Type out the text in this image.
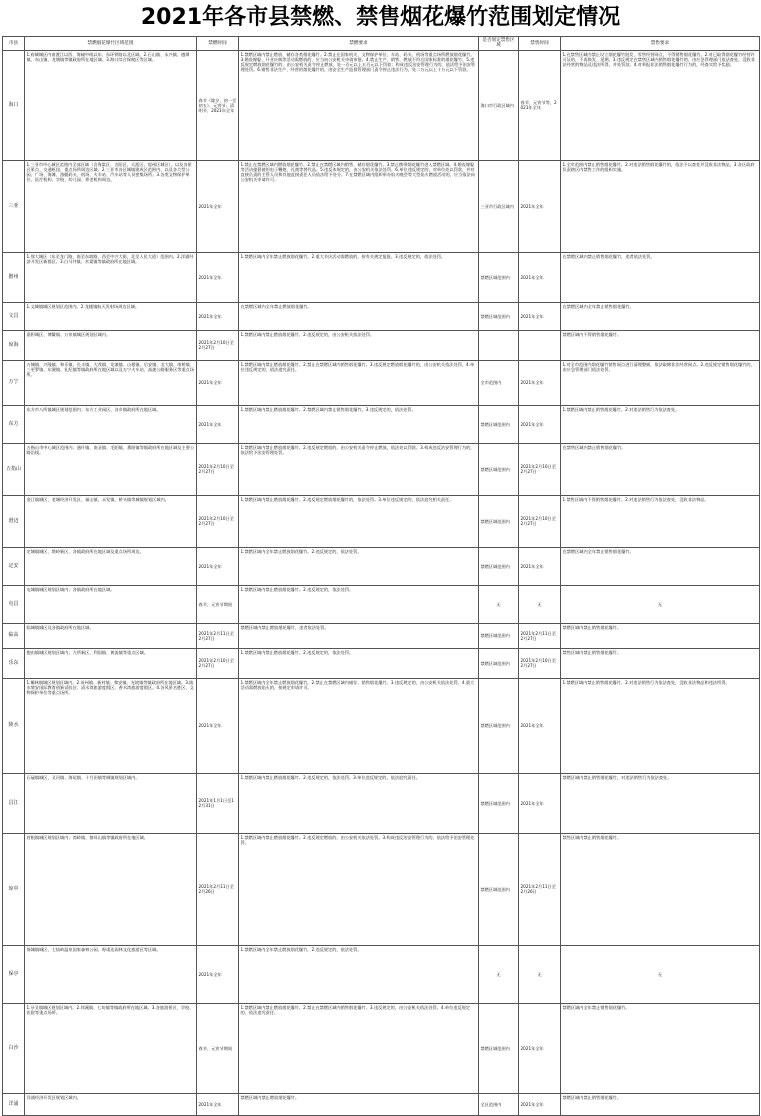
2021年各市县禁燃、禁售烟花爆竹范围划定情况
市县	禁燃烟花爆竹区域范围	禁燃时间	禁燃要求	是否划定禁售区域	禁售时间	禁售要求
海口	1.府城城区内南渡江以西、海榆中线以东、东环铁路以北区域。2.石山镇、永兴镇、遵谭镇、东山镇、龙塘镇等镇政府所在地区域。3.海口综合保税区等区域。	春节（除夕、初一至初五）、元宵节、清明节、2021年全年	1.禁燃区域内禁止燃放、储存各类烟花爆竹。2.禁止在国家机关、文物保护单位、车站、码头、机场等重点场所燃放烟花爆竹。3.婚丧嫁娶、开业庆典等活动需燃放的，应当向公安机关申请审批。4.禁止生产、销售、燃放不符合国家标准的烟花爆竹。5.违反规定燃放烟花爆竹的，由公安机关责令停止燃放，处一百元以上五百元以下罚款；构成违反治安管理行为的，依法给予治安管理处罚。6.销售非法生产、经营的烟花爆竹的，由安全生产监督管理部门责令停止违法行为，处二万元以上十万元以下罚款。	海口市行政区域内	春节、元宵节等，2021年全年	1.在禁售区域内禁止设立烟花爆竹批发、零售经营网点，不得销售烟花爆竹。2.对已取得烟花爆竹经营许可证的，不再换发、延期。3.违反规定在禁售区域内销售烟花爆竹的，由应急管理部门依法查处，没收非法经营的物品及违法所得，并处罚款。4.对举报非法销售烟花爆竹行为的，经查实给予奖励。
三亚	1.三亚市中心城区范围内全部区域（含海棠区、吉阳区、天涯区、崖州区城区），以及各景区景点、交通枢纽、重点场所周边区域。2.三亚市各区城镇建成区范围内、以及各大型公园、广场、海滩、游艇码头、机场、火车站、汽车站等人员密集场所。3.各类文物保护单位、医疗机构、学校、幼儿园、养老机构周边。	2021年全年	1.禁止在禁燃区域内燃放烟花爆竹。2.禁止在禁燃区域内销售、储存烟花爆竹。3.禁止携带烟花爆竹进入禁燃区域。4.婚丧嫁娶等活动提倡使用电子鞭炮、礼炮等替代品。5.违反本规定的，由公安机关依法处罚。6.单位违反规定的，对单位处以罚款，并对直接负责的主管人员和其他直接责任人员依法给予处分。7.在禁燃区域内组织举办焰火晚会等大型焰火燃放活动的，应当依法向公安机关申请许可。	三亚市行政区域内	2021年全年	1.全市范围内禁止销售烟花爆竹。2.对违法销售烟花爆竹的，依法予以查处并没收非法物品。3.各区政府负责辖区内禁售工作的组织实施。
儋州	1.那大城区（东至龙门路，南至东坡路，西至中兴大街，北至人民大道）范围内。2.洋浦经济开发区新都区。3.白马井镇、木棠镇等镇政府所在地区域。	2021年全年	1.禁燃区域内全年禁止燃放烟花爆竹。2.重大节庆活动需燃放的，按有关规定报批。3.违反规定的，依法处罚。	禁燃区域范围内	2021年全年	在禁燃区域内禁止销售烟花爆竹，违者依法处罚。
文昌	1.文城镇城区规划区范围内。2.龙楼镇航天发射场周边区域。	2021年全年	在禁燃区域内全年禁止燃放烟花爆竹。	禁燃区域范围内	2021年全年	在禁燃区域内全年禁止销售烟花爆竹。
琼海	嘉积城区、博鳌镇、万泉镇城区规划区域内。	2021年2月10日至2月27日	1.禁燃区域内禁止燃放烟花爆竹。2.违反规定的，由公安机关依法处罚。			禁燃区域内不得销售烟花爆竹。
万宁	万城镇、兴隆镇、和乐镇、长丰镇、大茂镇、龙滚镇、山根镇、后安镇、北大镇、南桥镇、三更罗镇、东澳镇、礼纪镇等镇政府所在地区域以及万宁火车站、高速公路服务区等重点场所。	2021年全年	1.禁燃区域内禁止燃放烟花爆竹。2.禁止在禁燃区域内销售烟花爆竹。3.违反规定燃放烟花爆竹的，由公安机关依法处罚。4.单位违反规定的，依法追究责任。	全市范围内	2021年全年	1.对全市范围内烟花爆竹销售网点进行清理整顿，依法取缔非法经营网点。2.违反规定销售烟花爆竹的，由应急管理部门依法处罚。
东方	东方市八所镇城区规划范围内；东方工业园区、各乡镇政府所在地区域。	2021年全年	1.禁燃区域内禁止燃放烟花爆竹。2.禁燃区域内禁止销售烟花爆竹。3.违反规定的，依法处罚。	禁燃区域范围内	2021年全年	1.禁燃区域内禁止销售烟花爆竹。2.对违法销售行为依法查处。
五指山	五指山市中心城区范围内；通什镇、南圣镇、毛阳镇、番阳镇等镇政府所在地区域及主要公路沿线。	2021年2月10日至2月27日	1.禁燃区域内禁止燃放烟花爆竹。2.违反规定燃放的，由公安机关责令停止燃放，依法处以罚款。3.构成违反治安管理行为的，依法给予治安管理处罚。	禁燃区域范围内	2021年2月10日至2月27日	在禁售区域内禁止销售烟花爆竹。
澄迈	金江镇城区、老城经济开发区、福山镇、永发镇、桥头镇等城镇规划区域内。	2021年2月10日至2月27日	1.禁燃区域内禁止燃放烟花爆竹。2.违反规定燃放烟花爆竹的，依法处罚。3.单位违反规定的，依法追究相关责任。	禁燃区域范围内	2021年2月10日至2月27日	1.禁售区域内不得销售烟花爆竹。2.对违法销售行为依法查处，没收非法物品。
定安	定城镇城区、塔岭新区、各镇政府所在地区域及重点场所周边。	2021年全年	1.禁燃区域内全年禁止燃放烟花爆竹。2.违反规定的，依法处罚。	禁燃区域范围内	2021年全年	在禁燃区域内全年禁止销售烟花爆竹。
屯昌	屯城镇城区规划区域内；各镇政府所在地区域。	春节、元宵节期间	1.禁燃区域内禁止燃放烟花爆竹。2.违反规定的，依法处罚。	无	无	无
临高	临城镇城区及各镇政府所在地区域。	2021年2月11日至2月27日	禁燃区域内禁止燃放烟花爆竹，违者依法处罚。	禁燃区域范围内	2021年2月11日至2月27日	禁燃区域内禁止销售烟花爆竹。
乐东	抱由镇城区规划区域内；九所新区、利国镇、黄流镇等重点区域。	2021年2月10日至2月27日	1.禁燃区域内禁止燃放烟花爆竹。2.违反规定的，依法处罚。	禁燃区域范围内	2021年2月10日至2月27日	禁售区域内禁止销售烟花爆竹。
陵水	1.椰林镇城区规划区域内。2.英州镇、新村镇、黎安镇、光坡镇等镇政府所在地区域。3.陵水黎安国际教育创新试验区、清水湾旅游度假区、香水湾旅游度假区。4.各风景名胜区、文物保护单位等重点场所。	2021年全年	1.禁燃区域内全年禁止燃放烟花爆竹。2.禁止在禁燃区域内储存、销售烟花爆竹。3.违反规定的，由公安机关依法处罚。4.重大活动需燃放焰火的，按规定申请许可。	禁燃区域范围内	2021年全年	1.禁燃区域内禁止销售烟花爆竹。2.对违法销售行为依法查处，没收非法物品和违法所得。
昌江	石碌镇城区、叉河镇、海尾镇、十月田镇等城镇规划区域内。	2021年1月1日至12月31日	1.禁燃区域内禁止燃放烟花爆竹。2.违反规定的，依法处罚。3.单位违反规定的，依法追究责任。	禁燃区域范围内	2021年全年	禁燃区域内禁止销售烟花爆竹，对违法销售行为依法查处。
琼中	营根镇城区规划区域内；湾岭镇、黎母山镇等镇政府所在地区域。	2021年2月11日至2月26日	1.禁燃区域内禁止燃放烟花爆竹。2.违反规定燃放的，由公安机关依法处罚。3.构成违反治安管理行为的，依法给予治安管理处罚。	禁燃区域范围内	2021年2月11日至2月26日	禁售区域内禁止销售烟花爆竹。
保亭	保城镇城区、七仙岭温泉国家森林公园、呀诺达雨林文化旅游区等区域。	2021年全年	1.禁燃区域内全年禁止燃放烟花爆竹。2.违反规定的，依法处罚。	无	无	无
白沙	1.牙叉镇城区规划区域内。2.邦溪镇、七坊镇等镇政府所在地区域。3.各旅游景区、学校、医院等重点场所。	春节、元宵节期间	1.禁燃区域内禁止燃放烟花爆竹。2.禁止在禁燃区域内销售烟花爆竹。3.违反规定的，由公安机关依法处罚。4.单位违反规定的，依法追究责任。	禁燃区域范围内	2021年全年	禁燃区域内全年禁止销售烟花爆竹。
洋浦	洋浦经济开发区规划区域内。	2021年全年	禁燃区域内禁止燃放烟花爆竹。	全区范围内	2021年全年	禁燃区域内禁止销售烟花爆竹。
